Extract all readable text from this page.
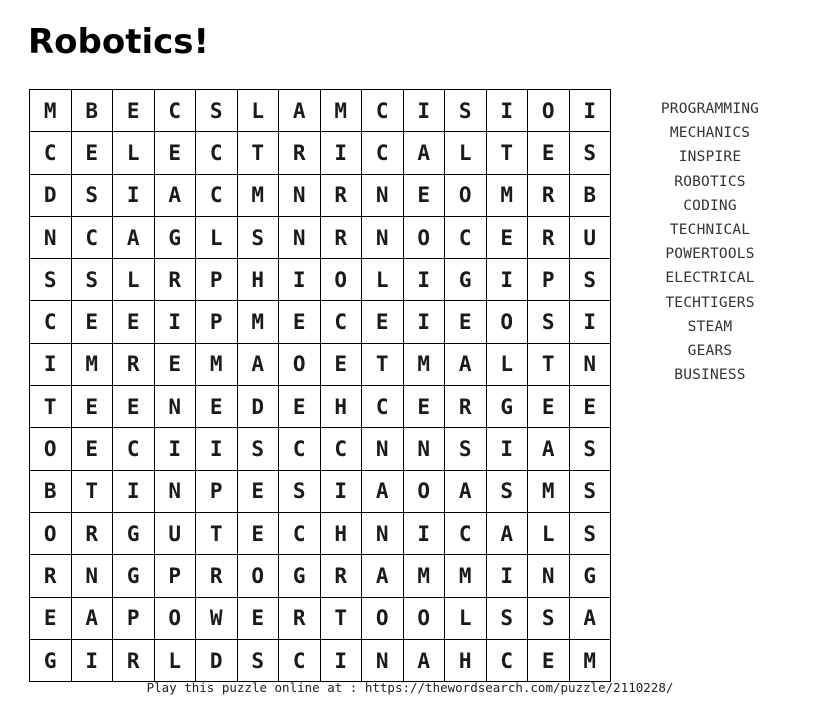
Robotics!
M	B	E	C	S	L	A	M	C	I	S	I	O	I
C	E	L	E	C	T	R	I	C	A	L	T	E	S
D	S	I	A	C	M	N	R	N	E	O	M	R	B
N	C	A	G	L	S	N	R	N	O	C	E	R	U
S	S	L	R	P	H	I	O	L	I	G	I	P	S
C	E	E	I	P	M	E	C	E	I	E	O	S	I
I	M	R	E	M	A	O	E	T	M	A	L	T	N
T	E	E	N	E	D	E	H	C	E	R	G	E	E
O	E	C	I	I	S	C	C	N	N	S	I	A	S
B	T	I	N	P	E	S	I	A	O	A	S	M	S
O	R	G	U	T	E	C	H	N	I	C	A	L	S
R	N	G	P	R	O	G	R	A	M	M	I	N	G
E	A	P	O	W	E	R	T	O	O	L	S	S	A
G	I	R	L	D	S	C	I	N	A	H	C	E	M
PROGRAMMING
MECHANICS
INSPIRE
ROBOTICS
CODING
TECHNICAL
POWERTOOLS
ELECTRICAL
TECHTIGERS
STEAM
GEARS
BUSINESS
Play this puzzle online at : https://thewordsearch.com/puzzle/2110228/
